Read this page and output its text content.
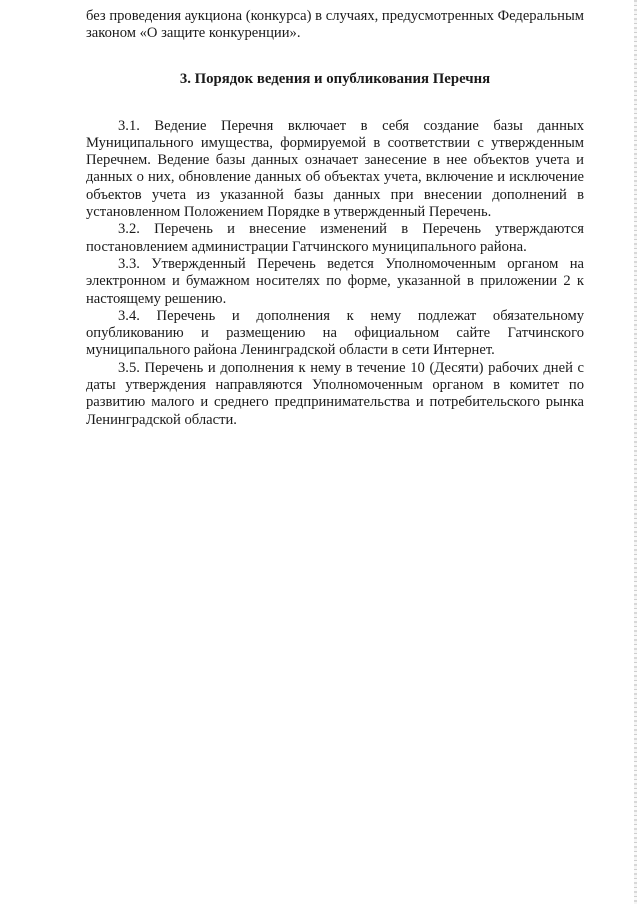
без проведения аукциона (конкурса) в случаях, предусмотренных Федеральным законом «О защите конкуренции».

3. Порядок ведения и опубликования Перечня

3.1. Ведение Перечня включает в себя создание базы данных Муниципального имущества, формируемой в соответствии с утвержденным Перечнем. Ведение базы данных означает занесение в нее объектов учета и данных о них, обновление данных об объектах учета, включение и исключение объектов учета из указанной базы данных при внесении дополнений в установленном Положением Порядке в утвержденный Перечень.

3.2. Перечень и внесение изменений в Перечень утверждаются постановлением администрации Гатчинского муниципального района.

3.3. Утвержденный Перечень ведется Уполномоченным органом на электронном и бумажном носителях по форме, указанной в приложении 2 к настоящему решению.

3.4. Перечень и дополнения к нему подлежат обязательному опубликованию и размещению на официальном сайте Гатчинского муниципального района Ленинградской области в сети Интернет.

3.5. Перечень и дополнения к нему в течение 10 (Десяти) рабочих дней с даты утверждения направляются Уполномоченным органом в комитет по развитию малого и среднего предпринимательства и потребительского рынка Ленинградской области.
